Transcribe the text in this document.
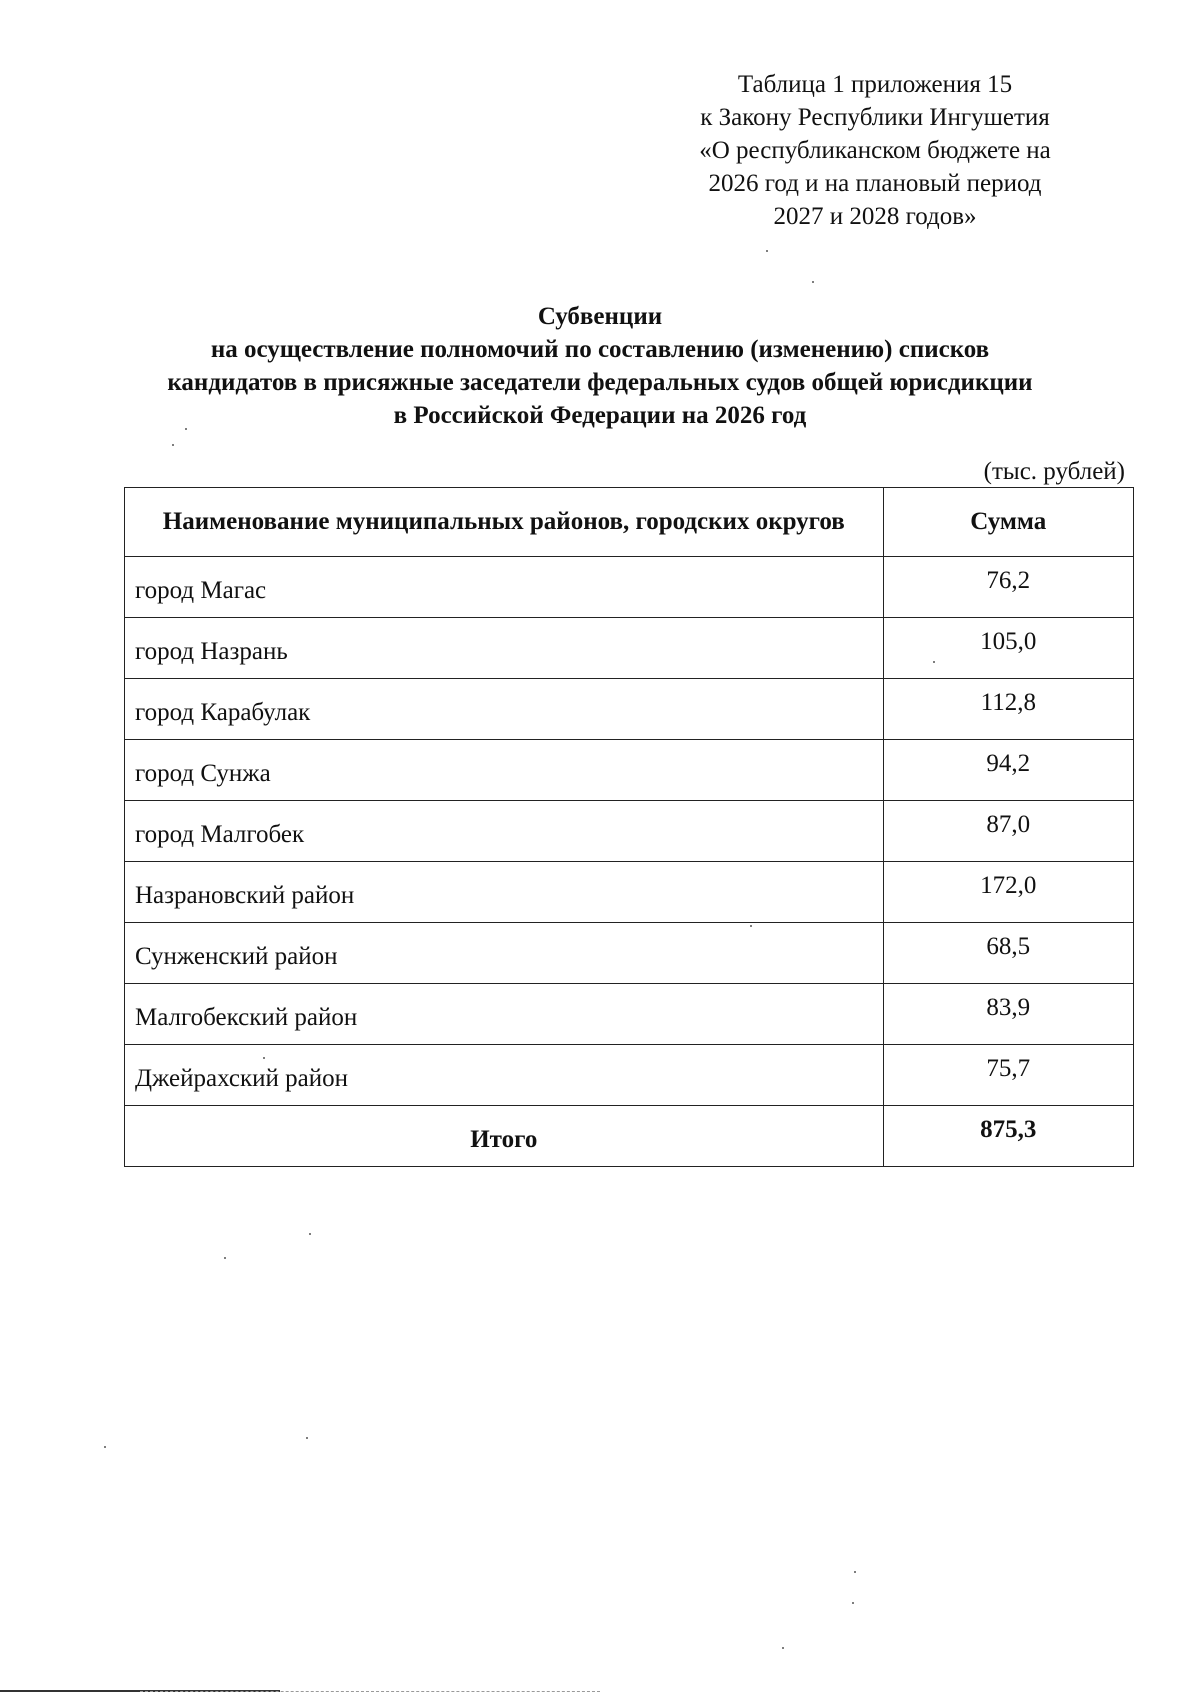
Таблица 1 приложения 15
к Закону Республики Ингушетия
«О республиканском бюджете на
2026 год и на плановый период
2027 и 2028 годов»
Субвенции
на осуществление полномочий по составлению (изменению) списков
кандидатов в присяжные заседатели федеральных судов общей юрисдикции
в Российской Федерации на 2026 год
(тыс. рублей)
Наименование муниципальных районов, городских округов	Сумма
город Магас	76,2
город Назрань	105,0
город Карабулак	112,8
город Сунжа	94,2
город Малгобек	87,0
Назрановский район	172,0
Сунженский район	68,5
Малгобекский район	83,9
Джейрахский район	75,7
Итого	875,3
